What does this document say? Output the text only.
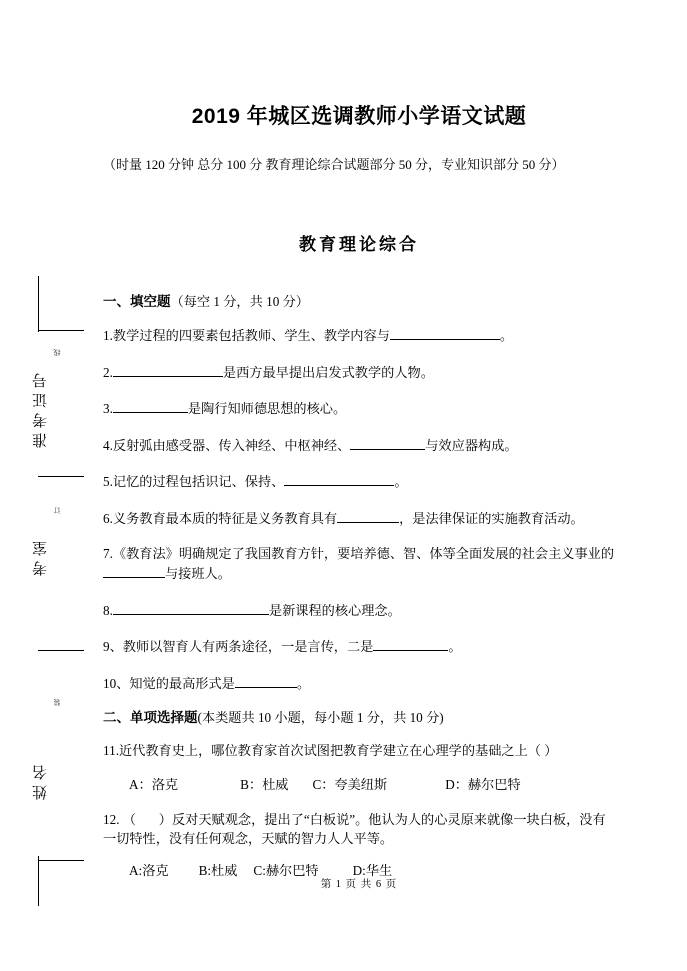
准考证号
线
考室
订
姓名
装
2019 年城区选调教师小学语文试题
（时量 120 分钟 总分 100 分 教育理论综合试题部分 50 分，专业知识部分 50 分）
教育理论综合

一、填空题（每空 1 分，共 10 分）

1.教学过程的四要素包括教师、学生、教学内容与	。

2.	是西方最早提出启发式教学的人物。

3.	是陶行知师德思想的核心。

4.反射弧由感受器、传入神经、中枢神经、	与效应器构成。

5.记忆的过程包括识记、保持、	。

6.义务教育最本质的特征是义务教育具有	，是法律保证的实施教育活动。

7.《教育法》明确规定了我国教育方针，要培养德、智、体等全面发展的社会主义事业的与接班人。

8.	是新课程的核心理念。

9、教师以智育人有两条途径，一是言传，二是	。

10、知觉的最高形式是	。

二、单项选择题(本类题共 10 小题，每小题 1 分，共 10 分)

11.近代教育史上，哪位教育家首次试图把教育学建立在心理学的基础之上（ ）

A：洛克	B：杜威 C：夸美纽斯	D：赫尔巴特

12. （    ）反对天赋观念，提出了“白板说”。他认为人的心灵原来就像一块白板，没有一切特性，没有任何观念，天赋的智力人人平等。

A:洛克 B:杜威 C:赫尔巴特	D:华生

第 1 页 共 6 页
